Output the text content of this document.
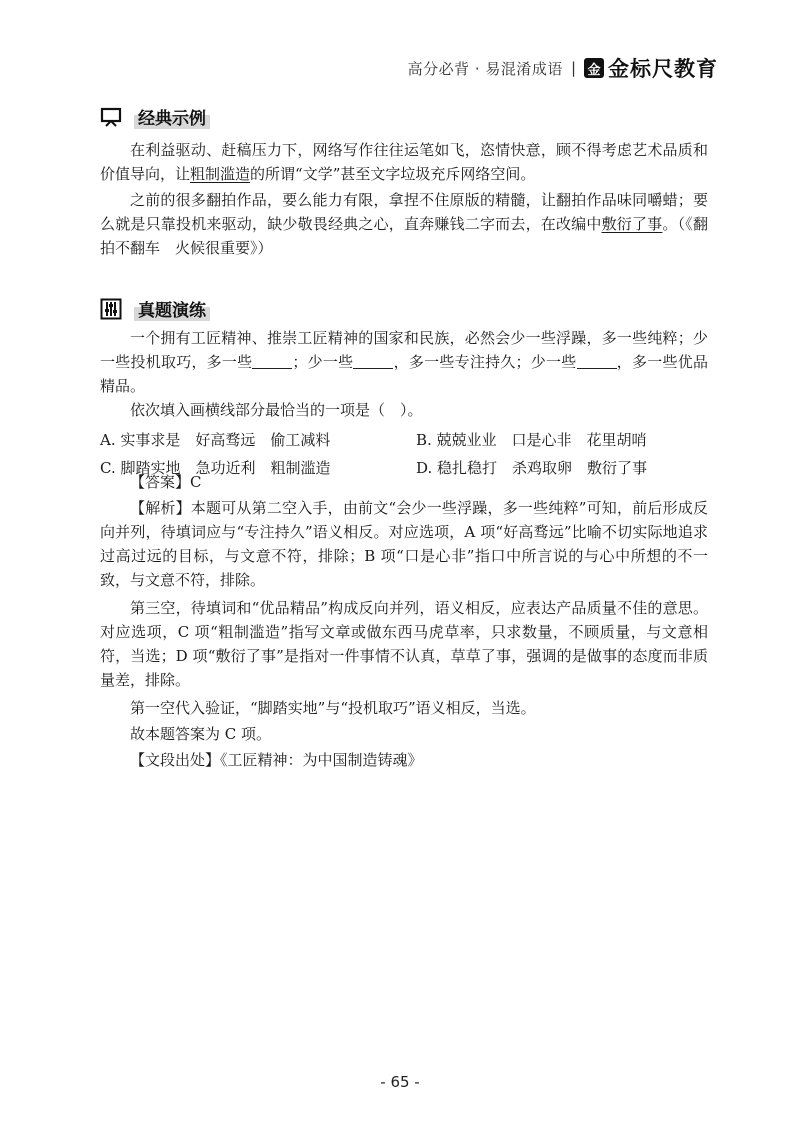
高分必背 · 易混淆成语 | 金 金标尺教育
经典示例

在利益驱动、赶稿压力下，网络写作往往运笔如飞，恣情快意，顾不得考虑艺术品质和价值导向，让粗制滥造的所谓“文学”甚至文字垃圾充斥网络空间。

之前的很多翻拍作品，要么能力有限，拿捏不住原版的精髓，让翻拍作品味同嚼蜡；要么就是只靠投机来驱动，缺少敬畏经典之心，直奔赚钱二字而去，在改编中敷衍了事。（《翻拍不翻车　火候很重要》）

真题演练

一个拥有工匠精神、推崇工匠精神的国家和民族，必然会少一些浮躁，多一些纯粹；少一些投机取巧，多一些	；少一些	，多一些专注持久；少一些	，多一些优品精品。

依次填入画横线部分最恰当的一项是（　）。

A. 实事求是　好高骛远　偷工减料	B. 兢兢业业　口是心非　花里胡哨
C. 脚踏实地　急功近利　粗制滥造	D. 稳扎稳打　杀鸡取卵　敷衍了事

【答案】C

【解析】本题可从第二空入手，由前文“会少一些浮躁，多一些纯粹”可知，前后形成反向并列，待填词应与“专注持久”语义相反。对应选项，A 项“好高骛远”比喻不切实际地追求过高过远的目标，与文意不符，排除；B 项“口是心非”指口中所言说的与心中所想的不一致，与文意不符，排除。

第三空，待填词和“优品精品”构成反向并列，语义相反，应表达产品质量不佳的意思。对应选项，C 项“粗制滥造”指写文章或做东西马虎草率，只求数量，不顾质量，与文意相符，当选；D 项“敷衍了事”是指对一件事情不认真，草草了事，强调的是做事的态度而非质量差，排除。

第一空代入验证，“脚踏实地”与“投机取巧”语义相反，当选。

故本题答案为 C 项。

【文段出处】《工匠精神：为中国制造铸魂》

- 65 -
